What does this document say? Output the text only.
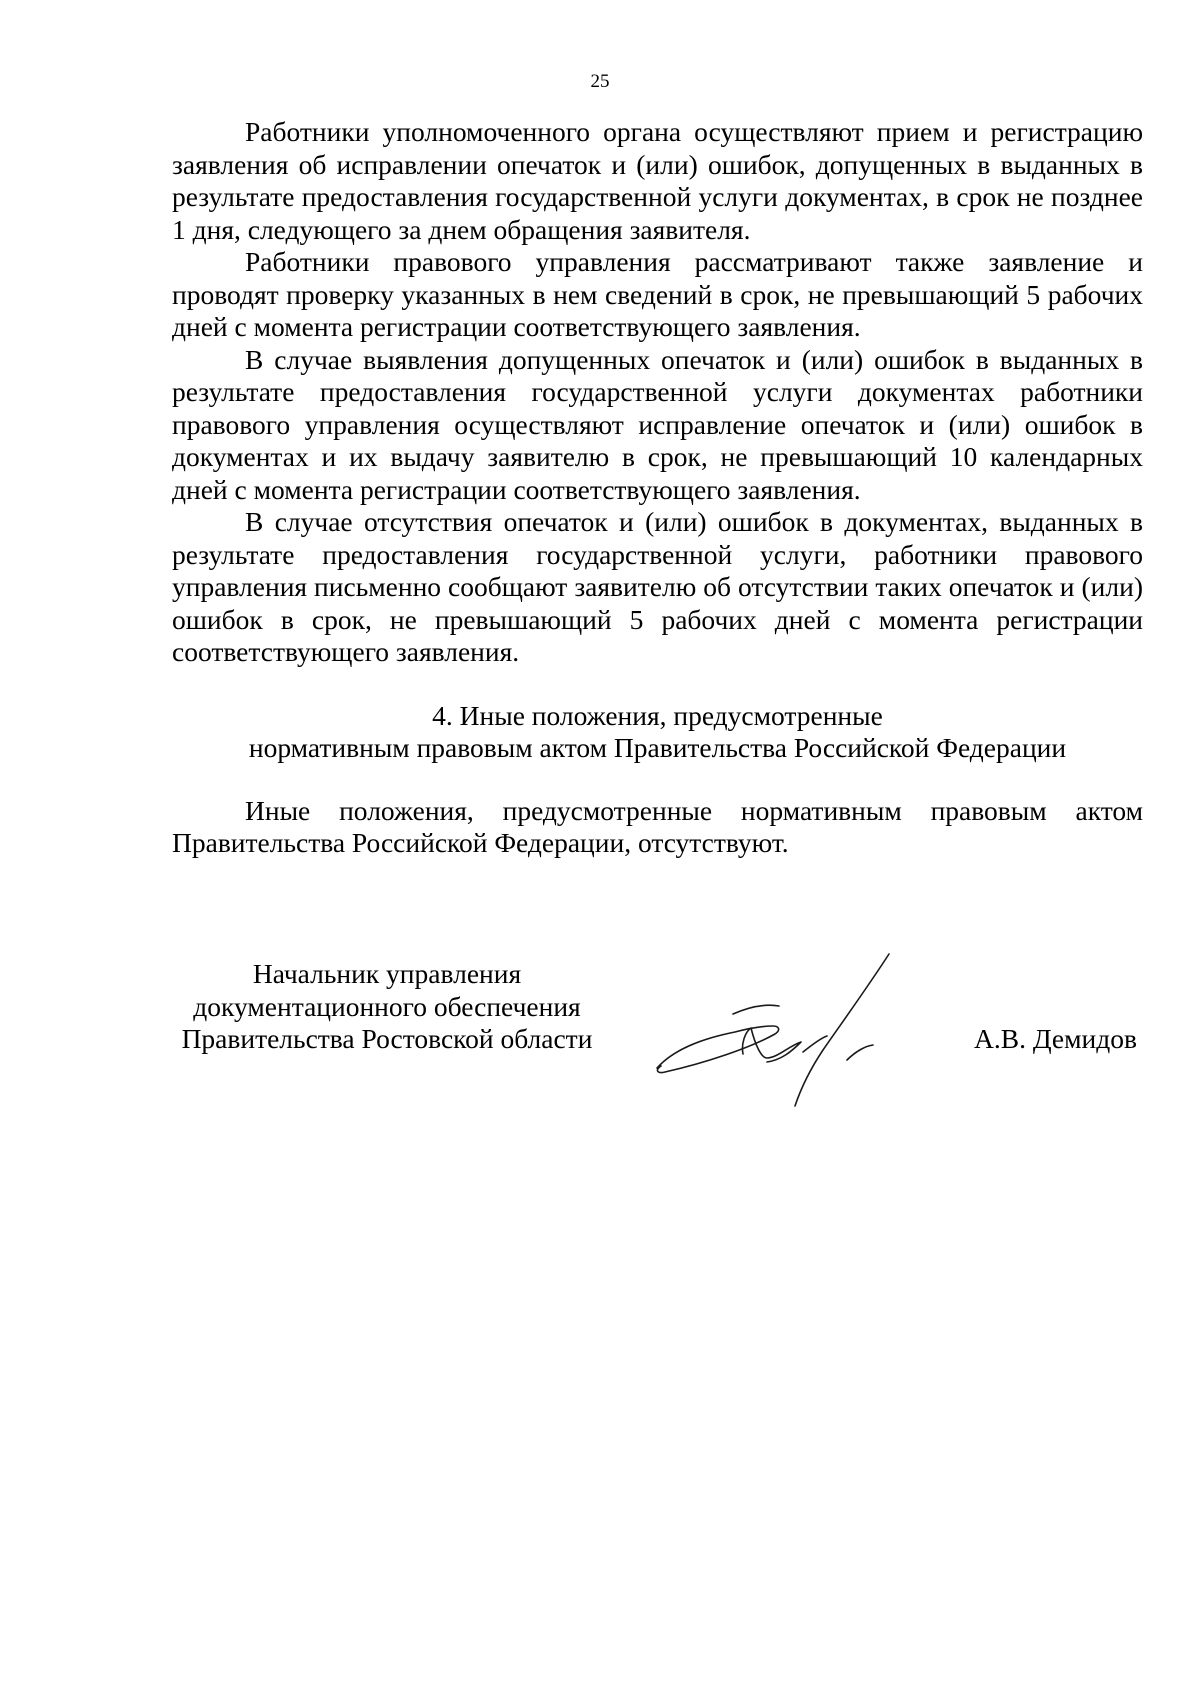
25

Работники уполномоченного органа осуществляют прием и регистрацию заявления об исправлении опечаток и (или) ошибок, допущенных в выданных в результате предоставления государственной услуги документах, в срок не позднее 1 дня, следующего за днем обращения заявителя.

Работники правового управления рассматривают также заявление и проводят проверку указанных в нем сведений в срок, не превышающий 5 рабочих дней с момента регистрации соответствующего заявления.

В случае выявления допущенных опечаток и (или) ошибок в выданных в результате предоставления государственной услуги документах работники правового управления осуществляют исправление опечаток и (или) ошибок в документах и их выдачу заявителю в срок, не превышающий 10 календарных дней с момента регистрации соответствующего заявления.

В случае отсутствия опечаток и (или) ошибок в документах, выданных в результате предоставления государственной услуги, работники правового управления письменно сообщают заявителю об отсутствии таких опечаток и (или) ошибок в срок, не превышающий 5 рабочих дней с момента регистрации соответствующего заявления.

4. Иные положения, предусмотренные
нормативным правовым актом Правительства Российской Федерации

Иные положения, предусмотренные нормативным правовым актом Правительства Российской Федерации, отсутствуют.

Начальник управления
документационного обеспечения
Правительства Ростовской области	А.В. Демидов
